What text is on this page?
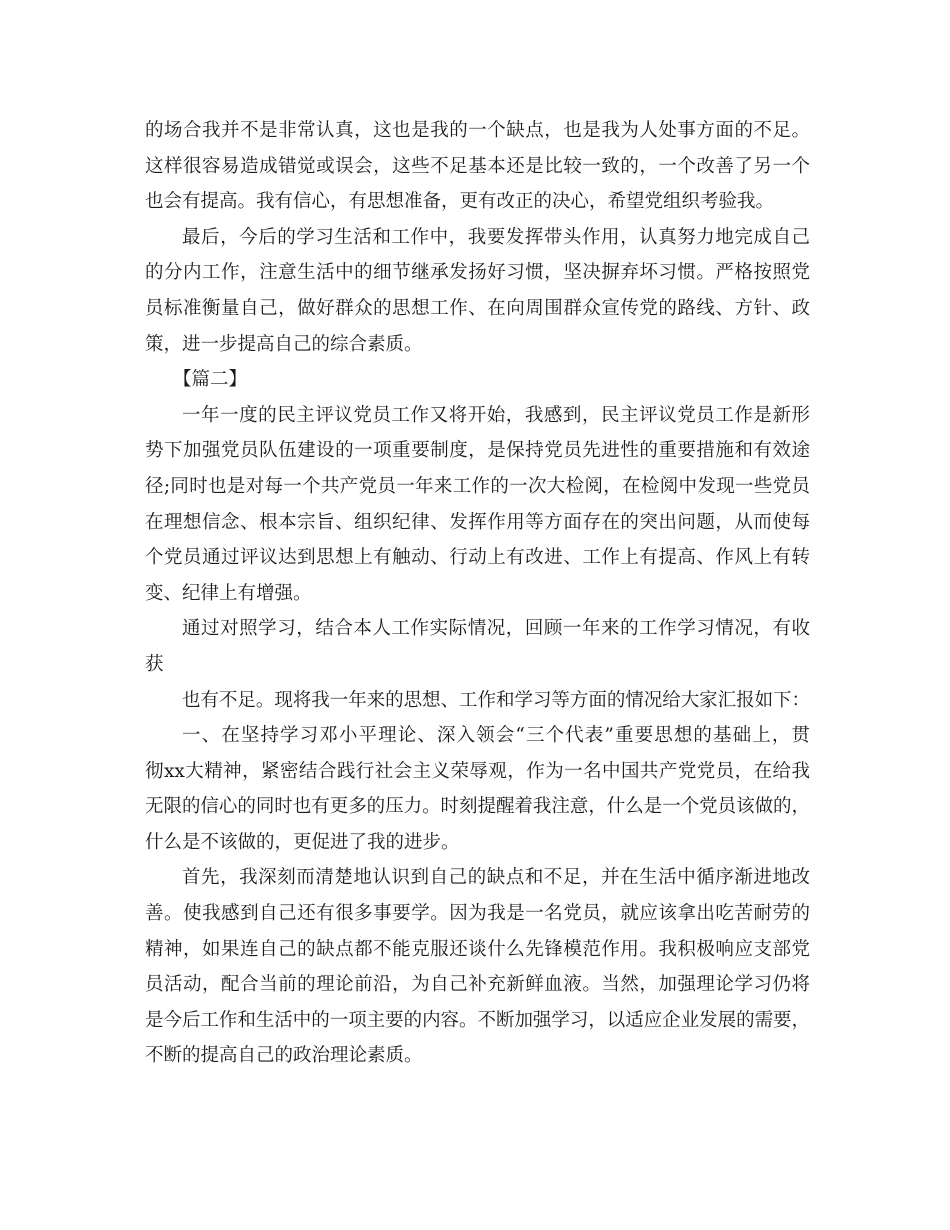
的场合我并不是非常认真，这也是我的一个缺点，也是我为人处事方面的不足。
这样很容易造成错觉或误会，这些不足基本还是比较一致的，一个改善了另一个
也会有提高。我有信心，有思想准备，更有改正的决心，希望党组织考验我。
最后，今后的学习生活和工作中，我要发挥带头作用，认真努力地完成自己
的分内工作，注意生活中的细节继承发扬好习惯，坚决摒弃坏习惯。严格按照党
员标准衡量自己，做好群众的思想工作、在向周围群众宣传党的路线、方针、政
策，进一步提高自己的综合素质。
【篇二】
一年一度的民主评议党员工作又将开始，我感到，民主评议党员工作是新形
势下加强党员队伍建设的一项重要制度，是保持党员先进性的重要措施和有效途
径;同时也是对每一个共产党员一年来工作的一次大检阅，在检阅中发现一些党员
在理想信念、根本宗旨、组织纪律、发挥作用等方面存在的突出问题，从而使每
个党员通过评议达到思想上有触动、行动上有改进、工作上有提高、作风上有转
变、纪律上有增强。
通过对照学习，结合本人工作实际情况，回顾一年来的工作学习情况，有收
获
也有不足。现将我一年来的思想、工作和学习等方面的情况给大家汇报如下：
一、在坚持学习邓小平理论、深入领会“三个代表”重要思想的基础上，贯
彻xx大精神，紧密结合践行社会主义荣辱观，作为一名中国共产党党员，在给我
无限的信心的同时也有更多的压力。时刻提醒着我注意，什么是一个党员该做的，
什么是不该做的，更促进了我的进步。
首先，我深刻而清楚地认识到自己的缺点和不足，并在生活中循序渐进地改
善。使我感到自己还有很多事要学。因为我是一名党员，就应该拿出吃苦耐劳的
精神，如果连自己的缺点都不能克服还谈什么先锋模范作用。我积极响应支部党
员活动，配合当前的理论前沿，为自己补充新鲜血液。当然，加强理论学习仍将
是今后工作和生活中的一项主要的内容。不断加强学习，以适应企业发展的需要，
不断的提高自己的政治理论素质。
